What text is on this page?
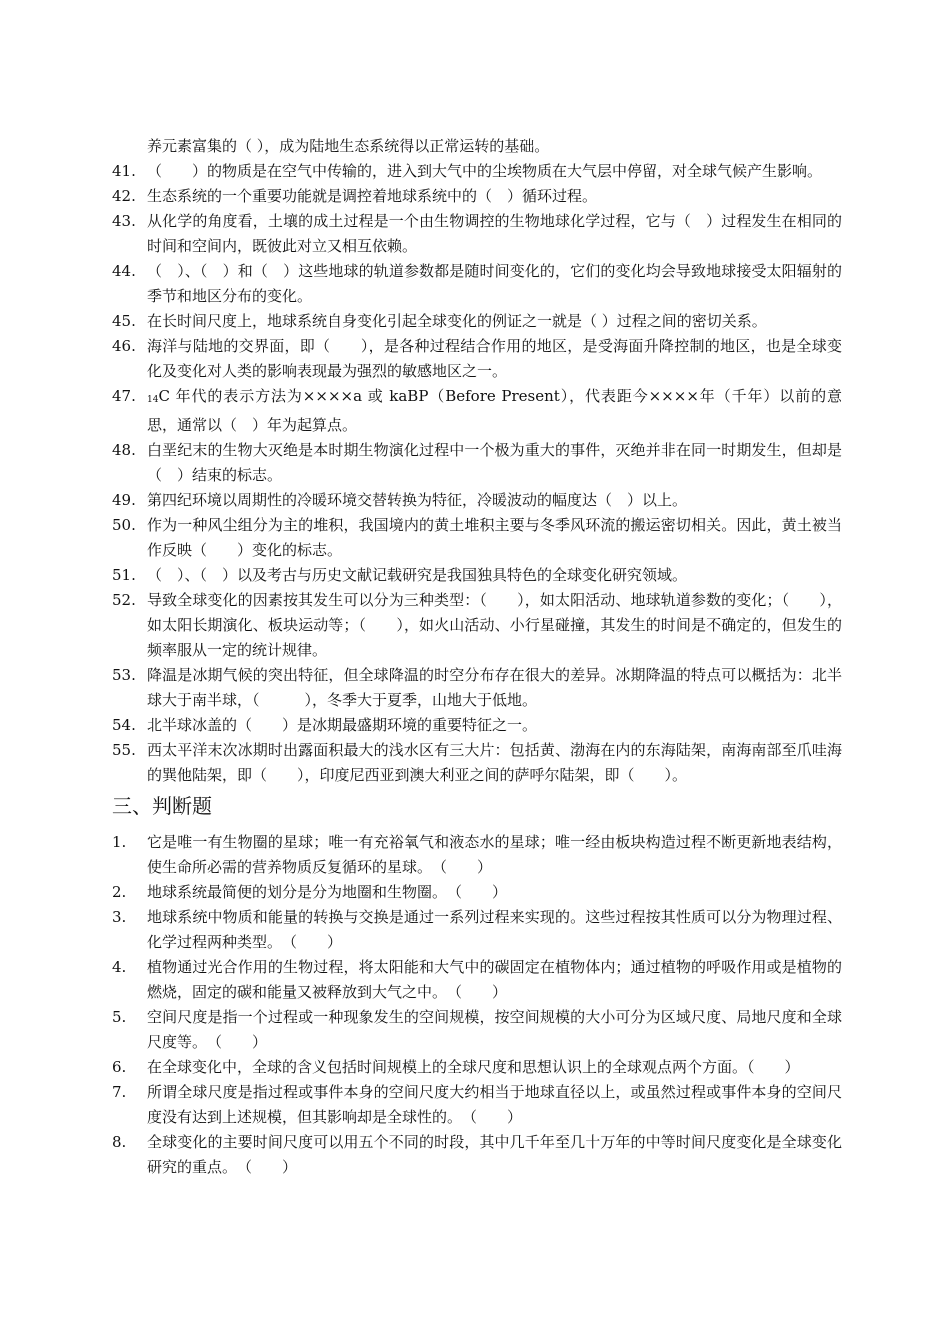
养元素富集的（ ），成为陆地生态系统得以正常运转的基础。

41. （　　）的物质是在空气中传输的，进入到大气中的尘埃物质在大气层中停留，对全球气候产生影响。

42. 生态系统的一个重要功能就是调控着地球系统中的（　）循环过程。

43. 从化学的角度看，土壤的成土过程是一个由生物调控的生物地球化学过程，它与（　）过程发生在相同的时间和空间内，既彼此对立又相互依赖。

44. （　）、（　）和（　）这些地球的轨道参数都是随时间变化的，它们的变化均会导致地球接受太阳辐射的季节和地区分布的变化。

45. 在长时间尺度上，地球系统自身变化引起全球变化的例证之一就是（ ）过程之间的密切关系。

46. 海洋与陆地的交界面，即（　　），是各种过程结合作用的地区，是受海面升降控制的地区，也是全球变化及变化对人类的影响表现最为强烈的敏感地区之一。

47.	14C 年代的表示方法为××××a 或 kaBP（Before Present），代表距今××××年（千年）以前的意思，通常以（　）年为起算点。

48. 白垩纪末的生物大灭绝是本时期生物演化过程中一个极为重大的事件，灭绝并非在同一时期发生，但却是（　）结束的标志。

49. 第四纪环境以周期性的冷暖环境交替转换为特征，冷暖波动的幅度达（　）以上。

50. 作为一种风尘组分为主的堆积，我国境内的黄土堆积主要与冬季风环流的搬运密切相关。因此，黄土被当作反映（　　）变化的标志。

51. （　）、（　）以及考古与历史文献记载研究是我国独具特色的全球变化研究领域。

52. 导致全球变化的因素按其发生可以分为三种类型：（　　），如太阳活动、地球轨道参数的变化；（　　），如太阳长期演化、板块运动等；（　　），如火山活动、小行星碰撞，其发生的时间是不确定的，但发生的频率服从一定的统计规律。

53. 降温是冰期气候的突出特征，但全球降温的时空分布存在很大的差异。冰期降温的特点可以概括为：北半球大于南半球，（　　　），冬季大于夏季，山地大于低地。

54. 北半球冰盖的（　　）是冰期最盛期环境的重要特征之一。

55. 西太平洋末次冰期时出露面积最大的浅水区有三大片：包括黄、渤海在内的东海陆架，南海南部至爪哇海的巽他陆架，即（　　），印度尼西亚到澳大利亚之间的萨呼尔陆架，即（　　）。

三、判断题

1.	它是唯一有生物圈的星球；唯一有充裕氧气和液态水的星球；唯一经由板块构造过程不断更新地表结构，使生命所必需的营养物质反复循环的星球。　（　　）

2.	地球系统最简便的划分是分为地圈和生物圈。　（　　）

3.	地球系统中物质和能量的转换与交换是通过一系列过程来实现的。这些过程按其性质可以分为物理过程、化学过程两种类型。　（　　）

4.	植物通过光合作用的生物过程，将太阳能和大气中的碳固定在植物体内；通过植物的呼吸作用或是植物的燃烧，固定的碳和能量又被释放到大气之中。　（　　）

5.	空间尺度是指一个过程或一种现象发生的空间规模，按空间规模的大小可分为区域尺度、局地尺度和全球尺度等。　（　　）

6.	在全球变化中，全球的含义包括时间规模上的全球尺度和思想认识上的全球观点两个方面。（　　）

7.	所谓全球尺度是指过程或事件本身的空间尺度大约相当于地球直径以上，或虽然过程或事件本身的空间尺度没有达到上述规模，但其影响却是全球性的。　（　　）

8.	全球变化的主要时间尺度可以用五个不同的时段，其中几千年至几十万年的中等时间尺度变化是全球变化研究的重点。　（　　）
